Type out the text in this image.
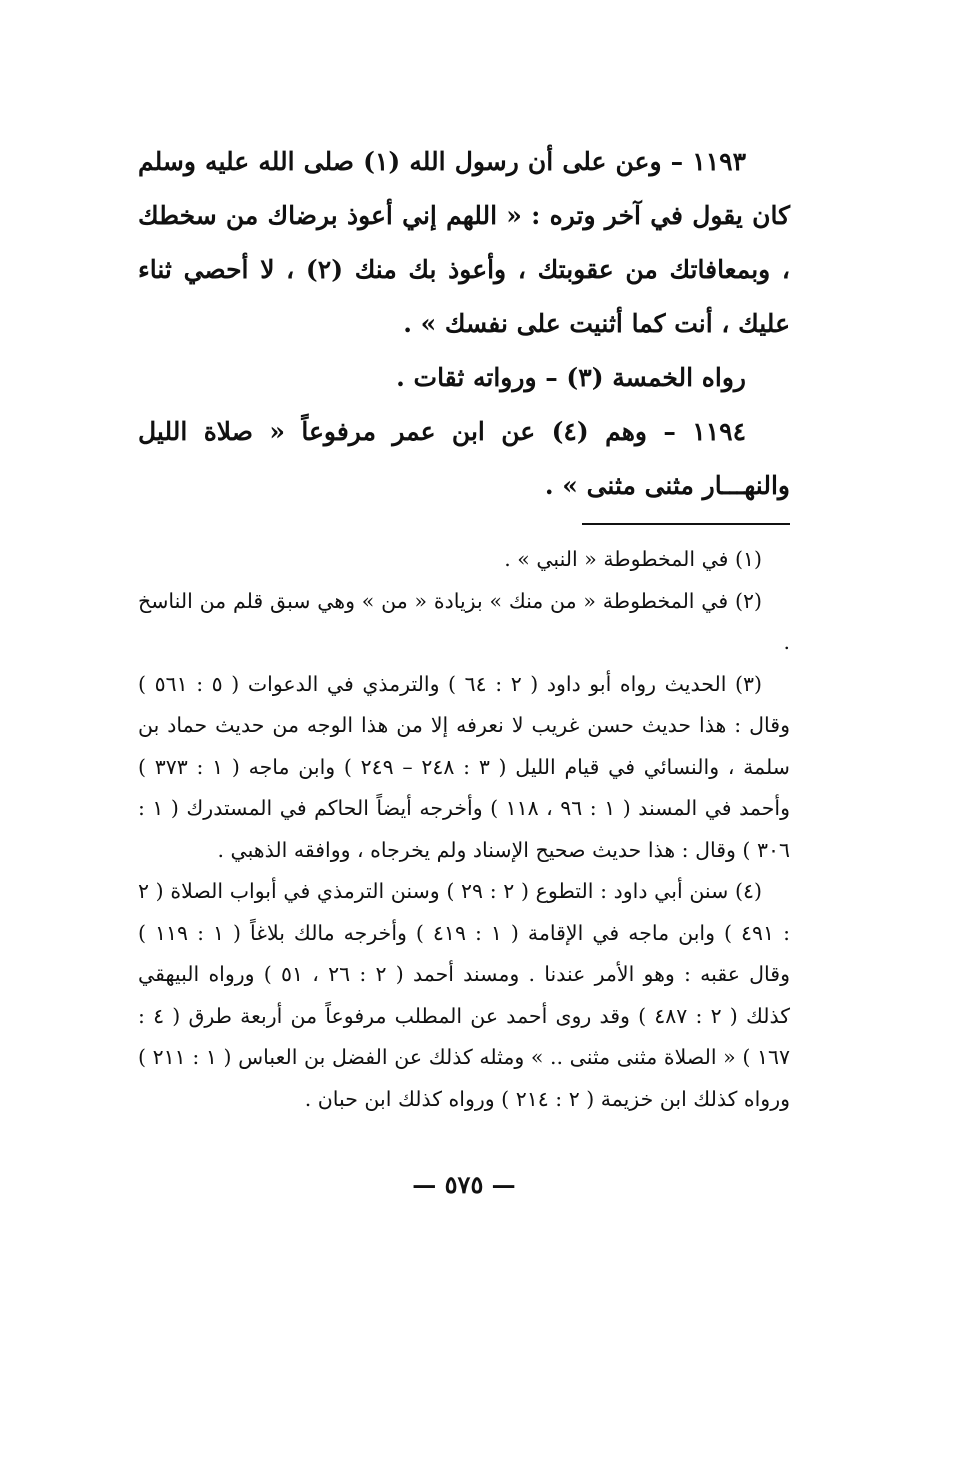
١١٩٣ – وعن على أن رسول الله (١) صلى الله عليه وسلم كان يقول في آخر وتره : « اللهم إني أعوذ برضاك من سخطك ، وبمعافاتك من عقوبتك ، وأعوذ بك منك (٢) ، لا أحصي ثناء عليك ، أنت كما أثنيت على نفسك » .

رواه الخمسة (٣) – ورواته ثقات .

١١٩٤ – وهم (٤) عن ابن عمر مرفوعاً « صلاة الليل والنهـــار مثنى مثنى » .

(١) في المخطوطة « النبي » .

(٢) في المخطوطة « من منك » بزيادة « من » وهي سبق قلم من الناسخ .

(٣) الحديث رواه أبو داود ( ٢ : ٦٤ ) والترمذي في الدعوات ( ٥ : ٥٦١ ) وقال : هذا حديث حسن غريب لا نعرفه إلا من هذا الوجه من حديث حماد بن سلمة ، والنسائي في قيام الليل ( ٣ : ٢٤٨ – ٢٤٩ ) وابن ماجه ( ١ : ٣٧٣ ) وأحمد في المسند ( ١ : ٩٦ ، ١١٨ ) وأخرجه أيضاً الحاكم في المستدرك ( ١ : ٣٠٦ ) وقال : هذا حديث صحيح الإسناد ولم يخرجاه ، ووافقه الذهبي .

(٤) سنن أبي داود : التطوع ( ٢ : ٢٩ ) وسنن الترمذي في أبواب الصلاة ( ٢ : ٤٩١ ) وابن ماجه في الإقامة ( ١ : ٤١٩ ) وأخرجه مالك بلاغاً ( ١ : ١١٩ ) وقال عقبه : وهو الأمر عندنا . ومسند أحمد ( ٢ : ٢٦ ، ٥١ ) ورواه البيهقي كذلك ( ٢ : ٤٨٧ ) وقد روى أحمد عن المطلب مرفوعاً من أربعة طرق ( ٤ : ١٦٧ ) « الصلاة مثنى مثنى .. » ومثله كذلك عن الفضل بن العباس ( ١ : ٢١١ ) ورواه كذلك ابن خزيمة ( ٢ : ٢١٤ ) ورواه كذلك ابن حبان .

— ٥٧٥ —
